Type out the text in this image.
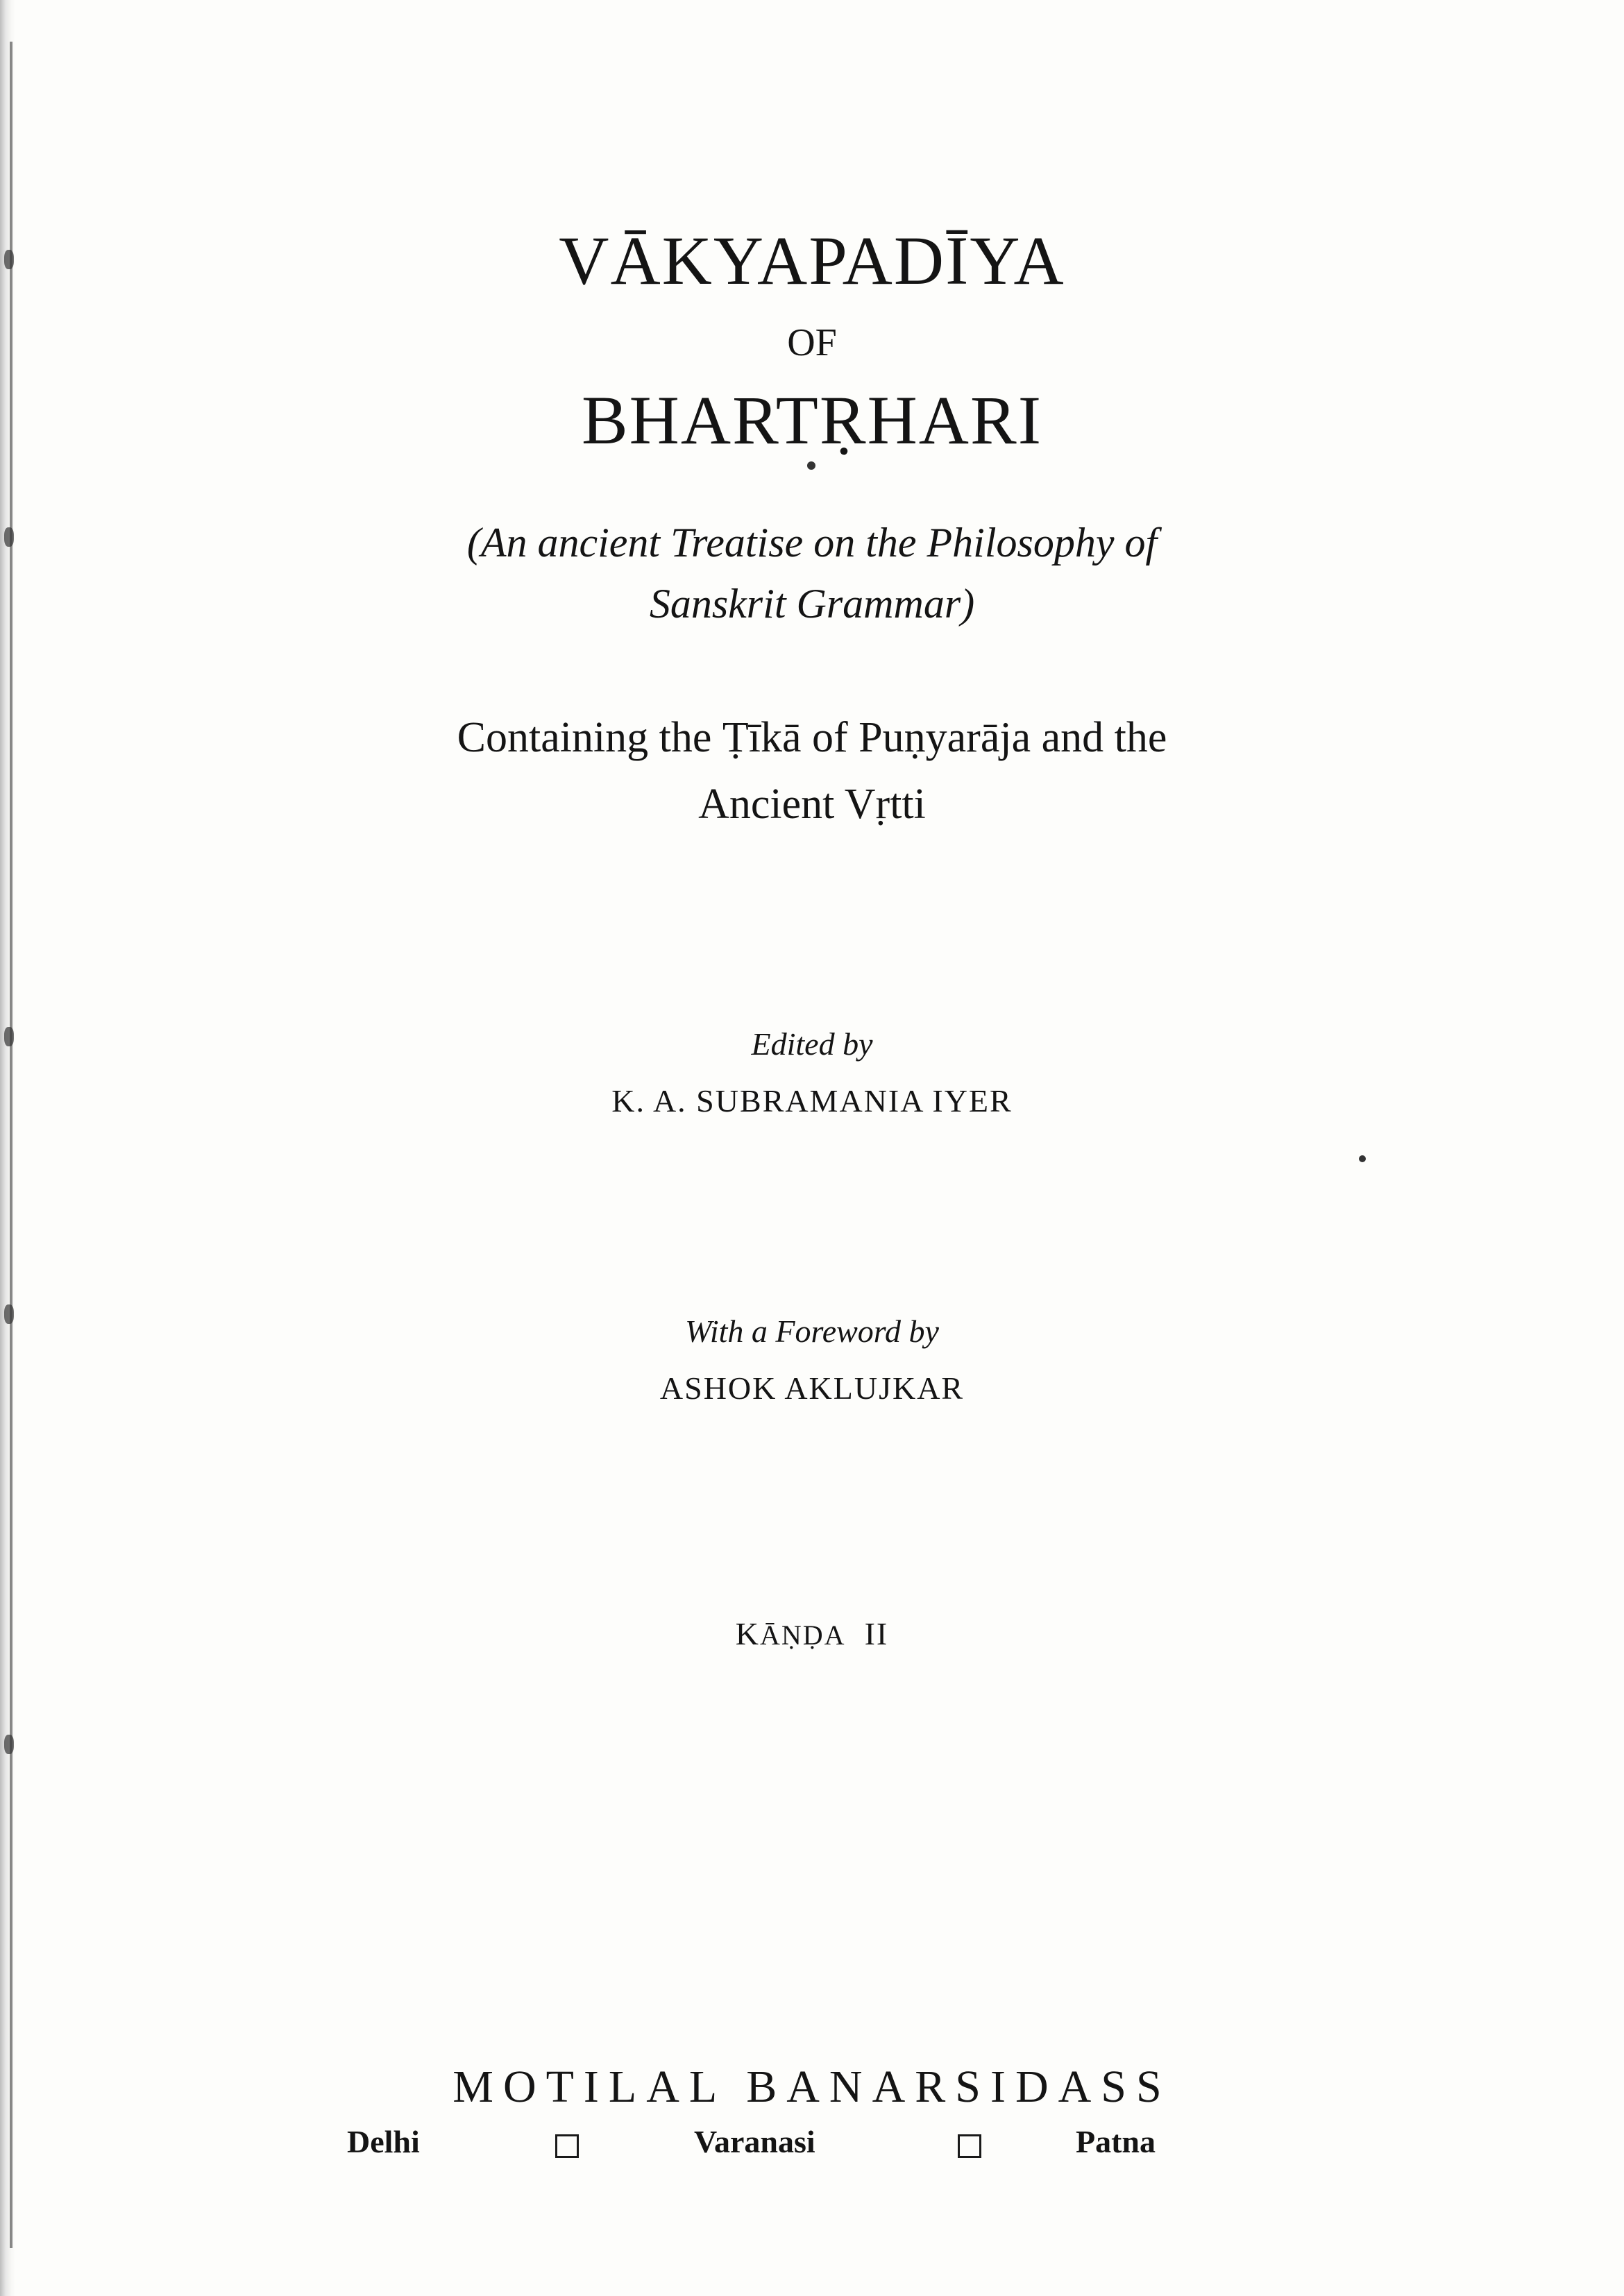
VĀKYAPADĪYA
OF
BHARTṚHARI
(An ancient Treatise on the Philosophy of
Sanskrit Grammar)
Containing the Ṭīkā of Puṇyarāja and the
Ancient Vṛtti
Edited by
K. A. SUBRAMANIA IYER
With a Foreword by
ASHOK AKLUJKAR
KĀṆḌA II
MOTILAL BANARSIDASS
Delhi	Varanasi	Patna
